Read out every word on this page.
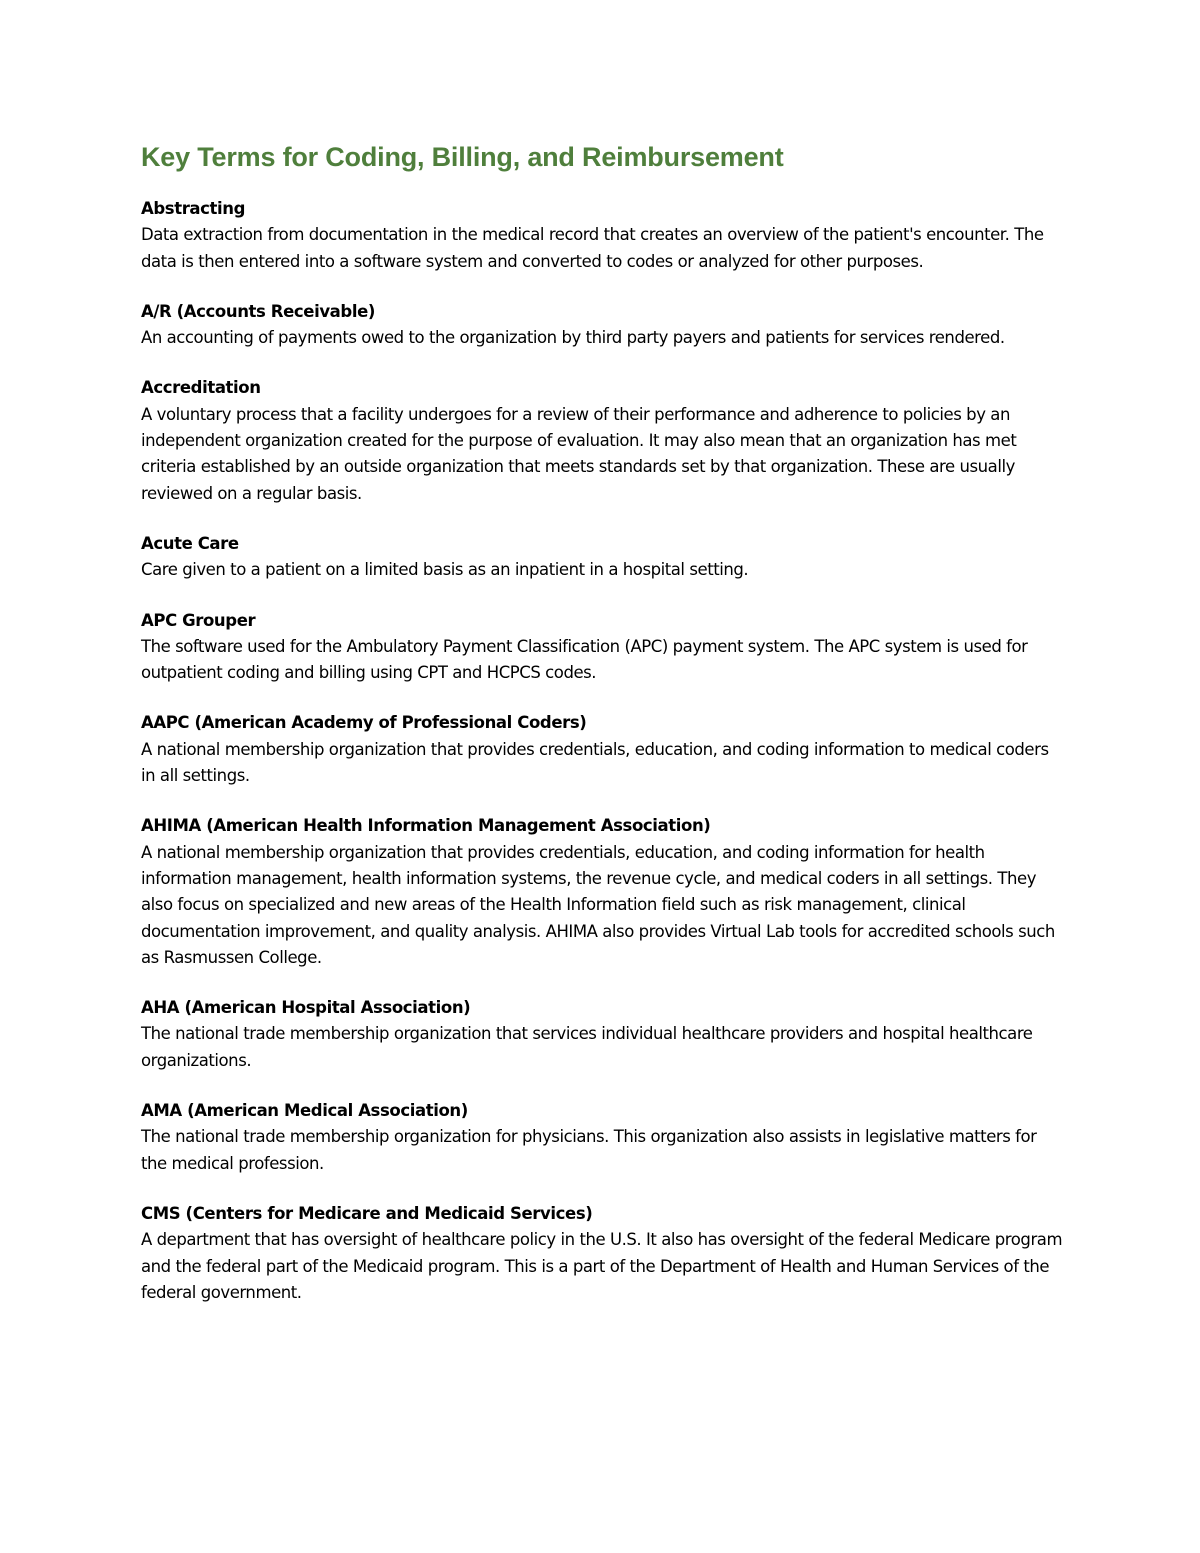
Key Terms for Coding, Billing, and Reimbursement

Abstracting

Data extraction from documentation in the medical record that creates an overview of the patient's encounter. The data is then entered into a software system and converted to codes or analyzed for other purposes.

A/R (Accounts Receivable)

An accounting of payments owed to the organization by third party payers and patients for services rendered.

Accreditation

A voluntary process that a facility undergoes for a review of their performance and adherence to policies by an independent organization created for the purpose of evaluation. It may also mean that an organization has met criteria established by an outside organization that meets standards set by that organization. These are usually reviewed on a regular basis.

Acute Care

Care given to a patient on a limited basis as an inpatient in a hospital setting.

APC Grouper

The software used for the Ambulatory Payment Classification (APC) payment system. The APC system is used for outpatient coding and billing using CPT and HCPCS codes.

AAPC (American Academy of Professional Coders)

A national membership organization that provides credentials, education, and coding information to medical coders in all settings.

AHIMA (American Health Information Management Association)

A national membership organization that provides credentials, education, and coding information for health information management, health information systems, the revenue cycle, and medical coders in all settings. They also focus on specialized and new areas of the Health Information field such as risk management, clinical documentation improvement, and quality analysis. AHIMA also provides Virtual Lab tools for accredited schools such as Rasmussen College.

AHA (American Hospital Association)

The national trade membership organization that services individual healthcare providers and hospital healthcare organizations.

AMA (American Medical Association)

The national trade membership organization for physicians. This organization also assists in legislative matters for the medical profession.

CMS (Centers for Medicare and Medicaid Services)

A department that has oversight of healthcare policy in the U.S. It also has oversight of the federal Medicare program and the federal part of the Medicaid program. This is a part of the Department of Health and Human Services of the federal government.
